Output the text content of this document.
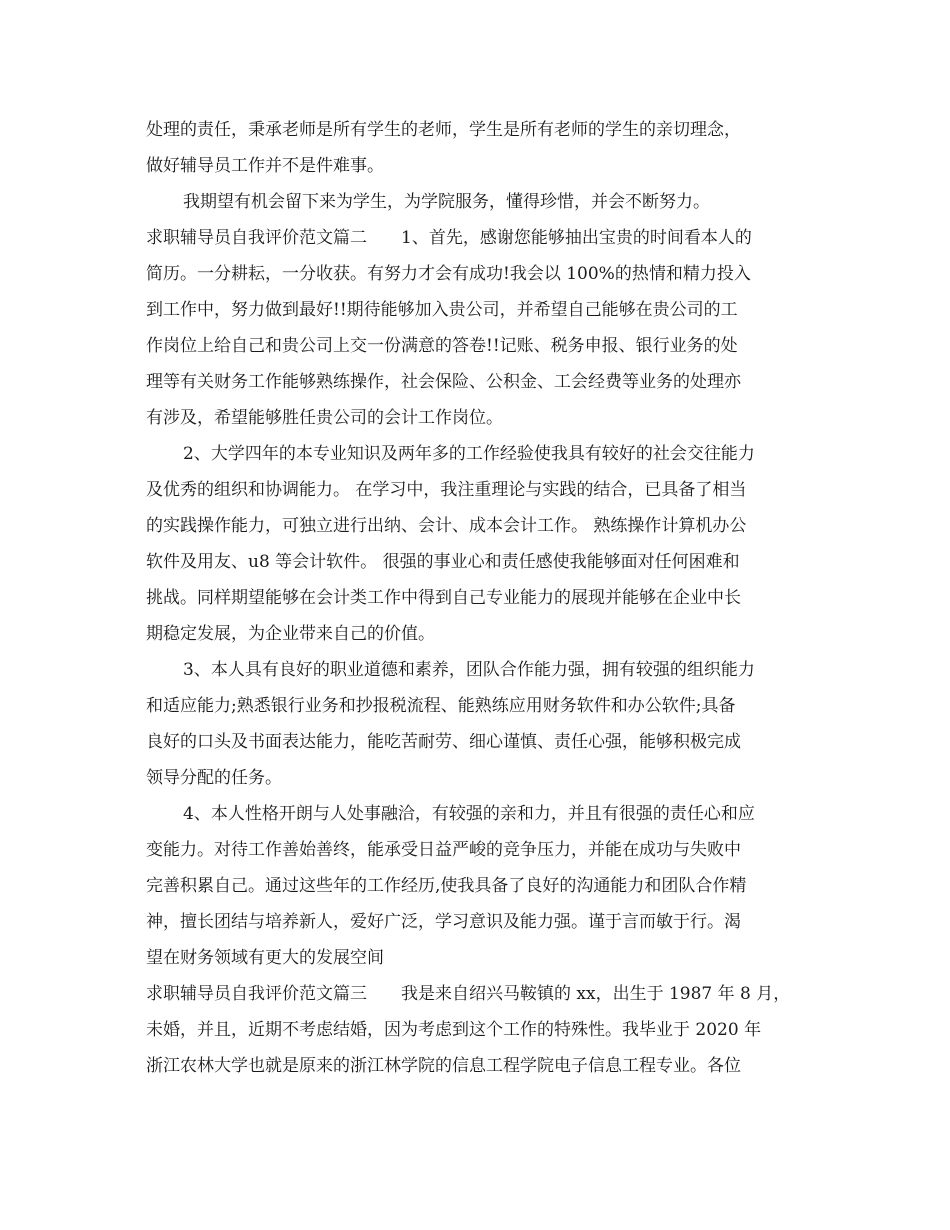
处理的责任，秉承老师是所有学生的老师，学生是所有老师的学生的亲切理念，
做好辅导员工作并不是件难事。
我期望有机会留下来为学生，为学院服务，懂得珍惜，并会不断努力。
求职辅导员自我评价范文篇二　　1、首先，感谢您能够抽出宝贵的时间看本人的
简历。一分耕耘，一分收获。有努力才会有成功!我会以 100%的热情和精力投入
到工作中，努力做到最好!!期待能够加入贵公司，并希望自己能够在贵公司的工
作岗位上给自己和贵公司上交一份满意的答卷!!记账、税务申报、银行业务的处
理等有关财务工作能够熟练操作，社会保险、公积金、工会经费等业务的处理亦
有涉及，希望能够胜任贵公司的会计工作岗位。
2、大学四年的本专业知识及两年多的工作经验使我具有较好的社会交往能力
及优秀的组织和协调能力。 在学习中，我注重理论与实践的结合，已具备了相当
的实践操作能力，可独立进行出纳、会计、成本会计工作。 熟练操作计算机办公
软件及用友、u8 等会计软件。 很强的事业心和责任感使我能够面对任何困难和
挑战。同样期望能够在会计类工作中得到自己专业能力的展现并能够在企业中长
期稳定发展，为企业带来自己的价值。
3、本人具有良好的职业道德和素养，团队合作能力强，拥有较强的组织能力
和适应能力;熟悉银行业务和抄报税流程、能熟练应用财务软件和办公软件;具备
良好的口头及书面表达能力，能吃苦耐劳、细心谨慎、责任心强，能够积极完成
领导分配的任务。
4、本人性格开朗与人处事融洽，有较强的亲和力，并且有很强的责任心和应
变能力。对待工作善始善终，能承受日益严峻的竞争压力，并能在成功与失败中
完善积累自己。通过这些年的工作经历,使我具备了良好的沟通能力和团队合作精
神，擅长团结与培养新人，爱好广泛，学习意识及能力强。谨于言而敏于行。渴
望在财务领域有更大的发展空间
求职辅导员自我评价范文篇三　　我是来自绍兴马鞍镇的 xx，出生于 1987 年 8 月，
未婚，并且，近期不考虑结婚，因为考虑到这个工作的特殊性。我毕业于 2020 年
浙江农林大学也就是原来的浙江林学院的信息工程学院电子信息工程专业。各位
